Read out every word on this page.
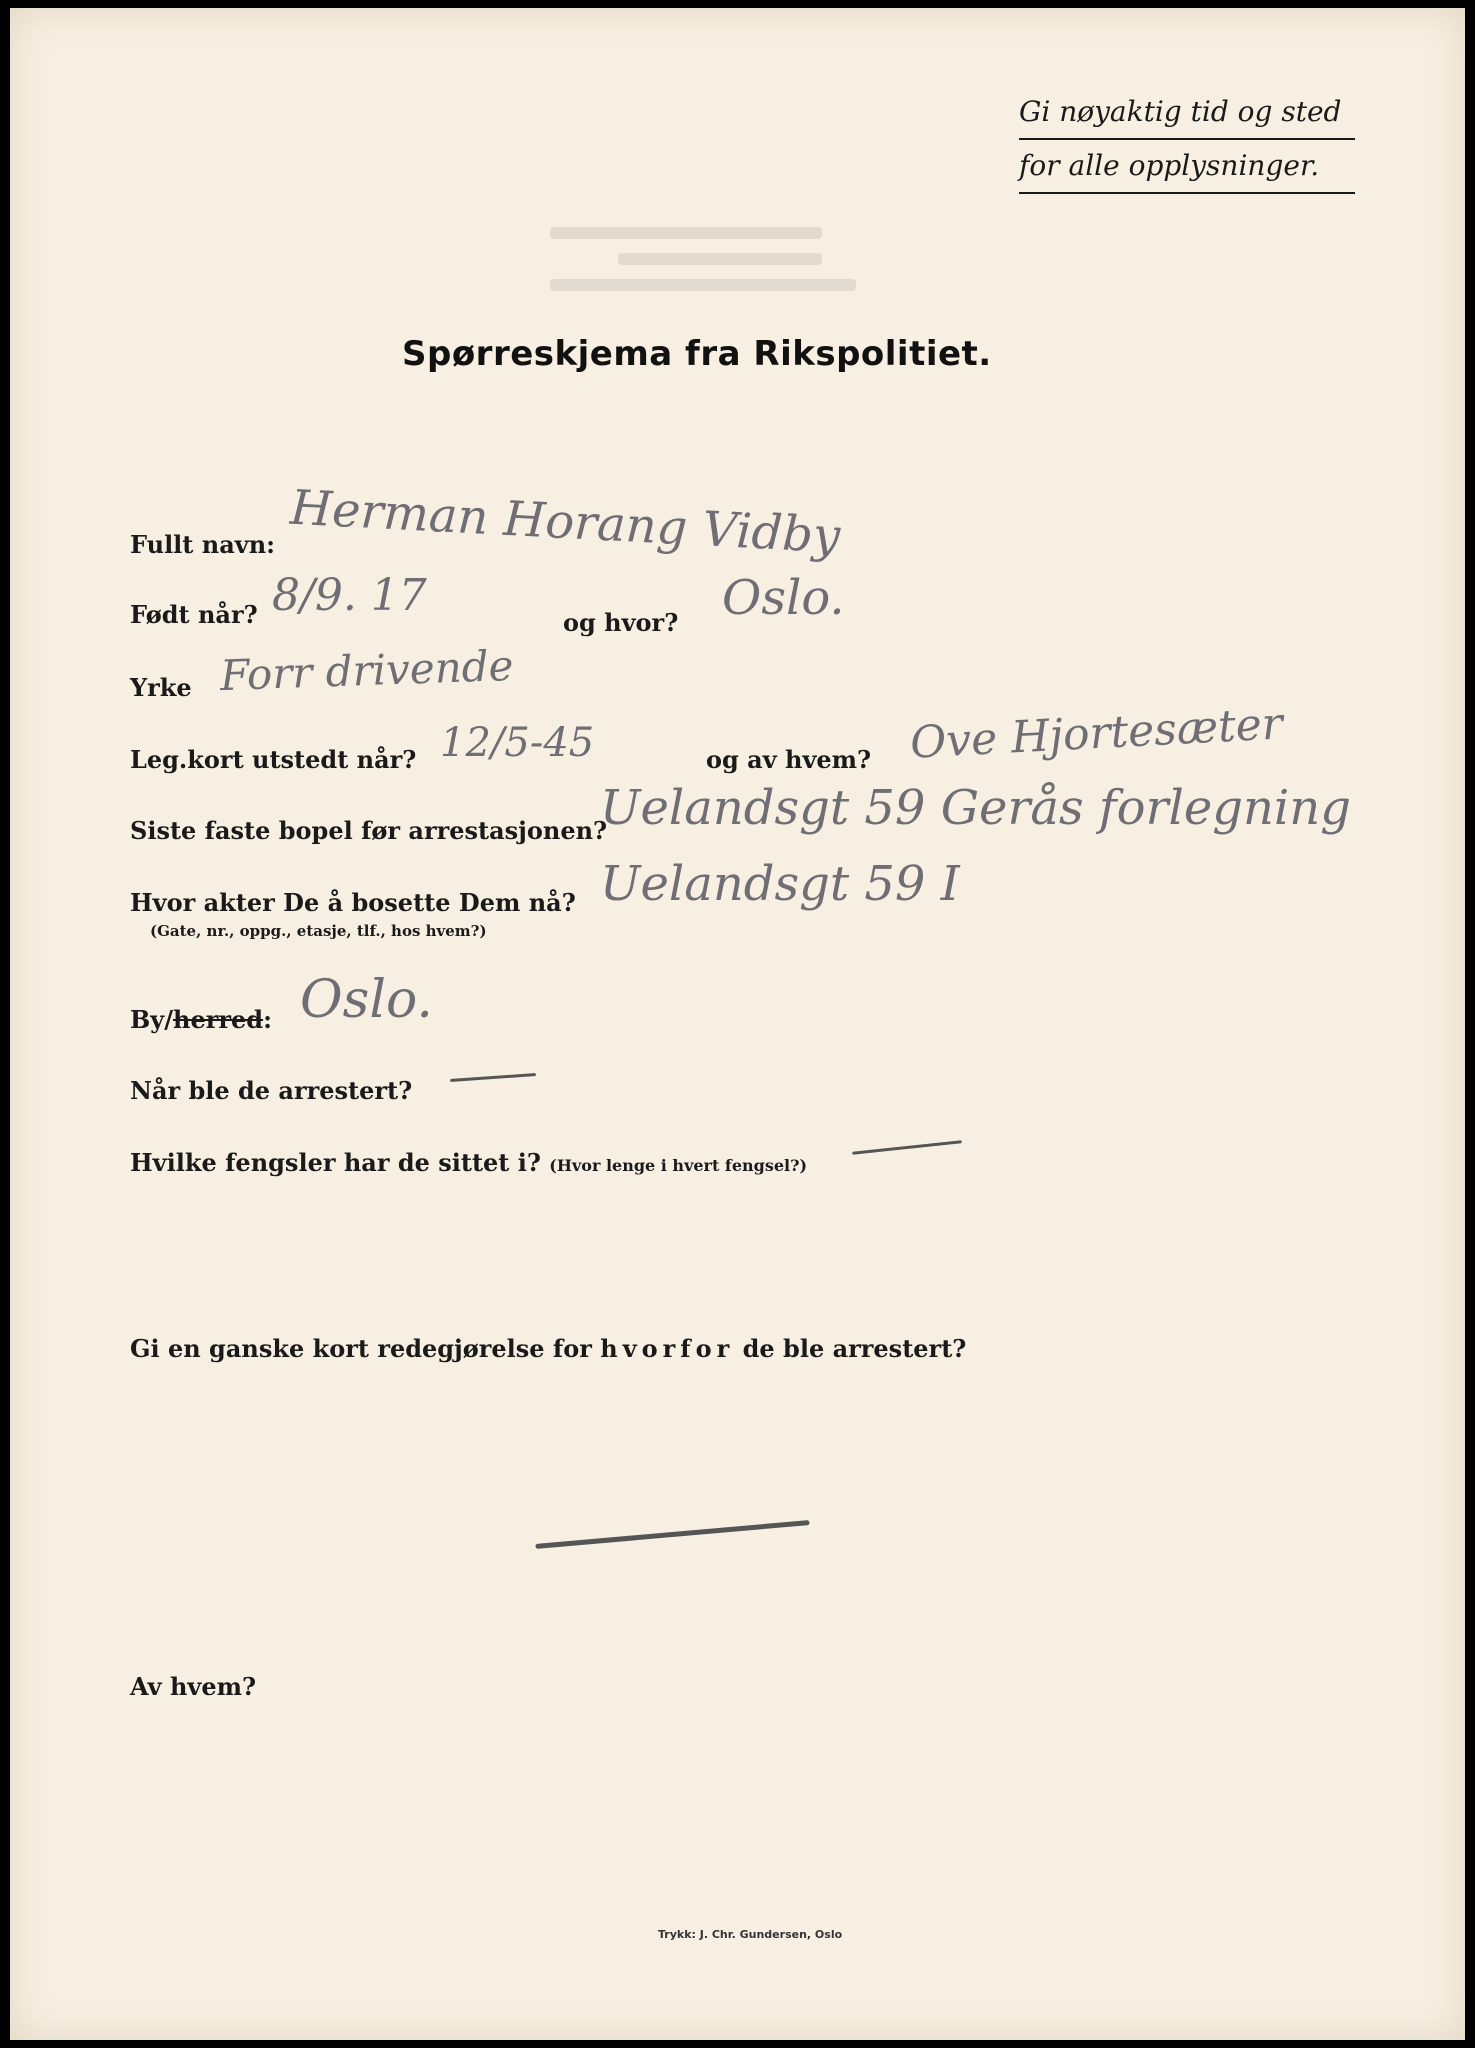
Gi nøyaktig tid og sted
for alle opplysninger.
Spørreskjema fra Rikspolitiet.
Fullt navn: Herman Horang Vidby
Født når? 8/9. 17
og hvor? Oslo.
Yrke Forr drivende
Leg.kort utstedt når? 12/5-45	og av hvem? Ove Hjortesæter
Siste faste bopel før arrestasjonen?
Uelandsgt 59 Gerås forlegning
Hvor akter De å bosette Dem nå?
(Gate, nr., oppg., etasje, tlf., hos hvem?)
Uelandsgt 59 I
By/herred: Oslo.
Når ble de arrestert?
Hvilke fengsler har de sittet i? (Hvor lenge i hvert fengsel?)
Gi en ganske kort redegjørelse for hvorfor de ble arrestert?
Av hvem?
Trykk: J. Chr. Gundersen, Oslo
